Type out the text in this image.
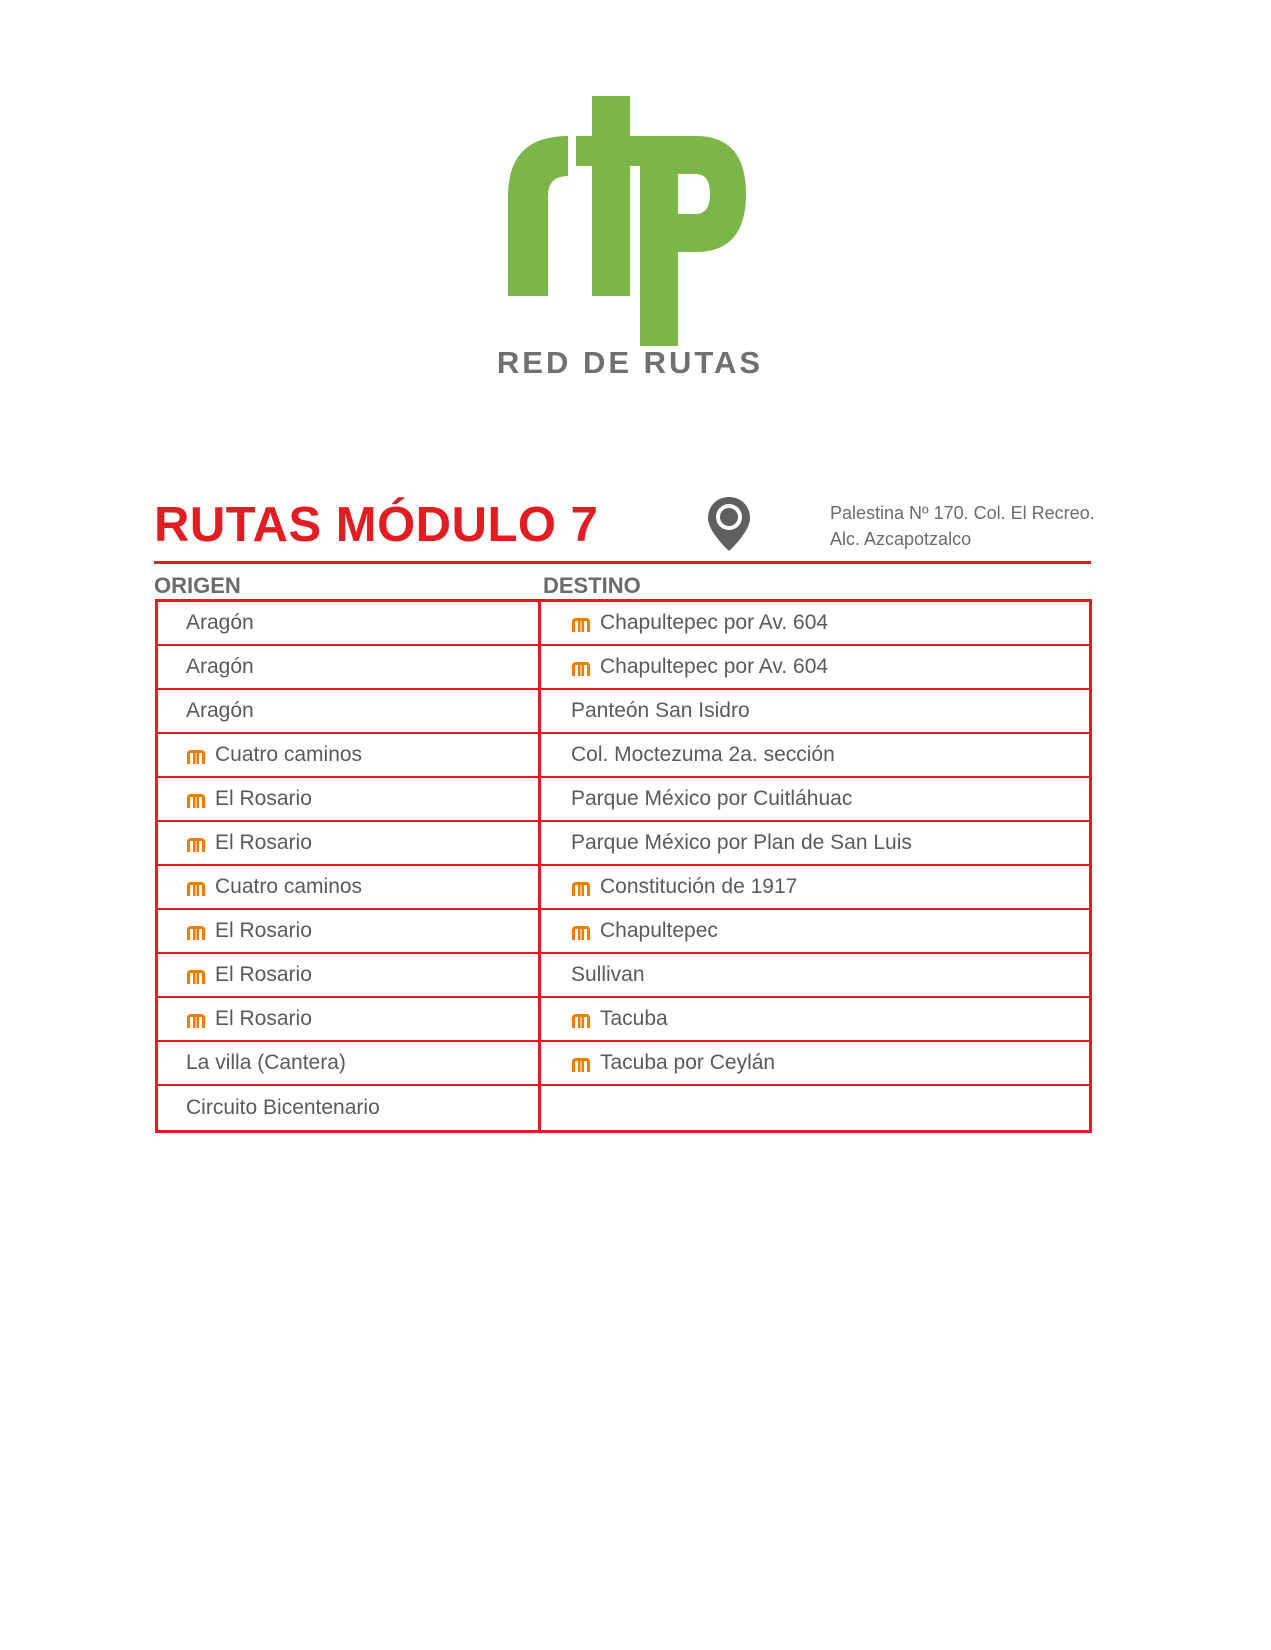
RED DE RUTAS
RUTAS MÓDULO 7	Palestina Nº 170. Col. El Recreo.
Alc. Azcapotzalco
ORIGEN	DESTINO
Aragón	Chapultepec por Av. 604
Aragón	Chapultepec por Av. 604
Aragón	Panteón San Isidro
Cuatro caminos	Col. Moctezuma 2a. sección
El Rosario	Parque México por Cuitláhuac
El Rosario	Parque México por Plan de San Luis
Cuatro caminos	Constitución de 1917
El Rosario	Chapultepec
El Rosario	Sullivan
El Rosario	Tacuba
La villa (Cantera)	Tacuba por Ceylán
Circuito Bicentenario
